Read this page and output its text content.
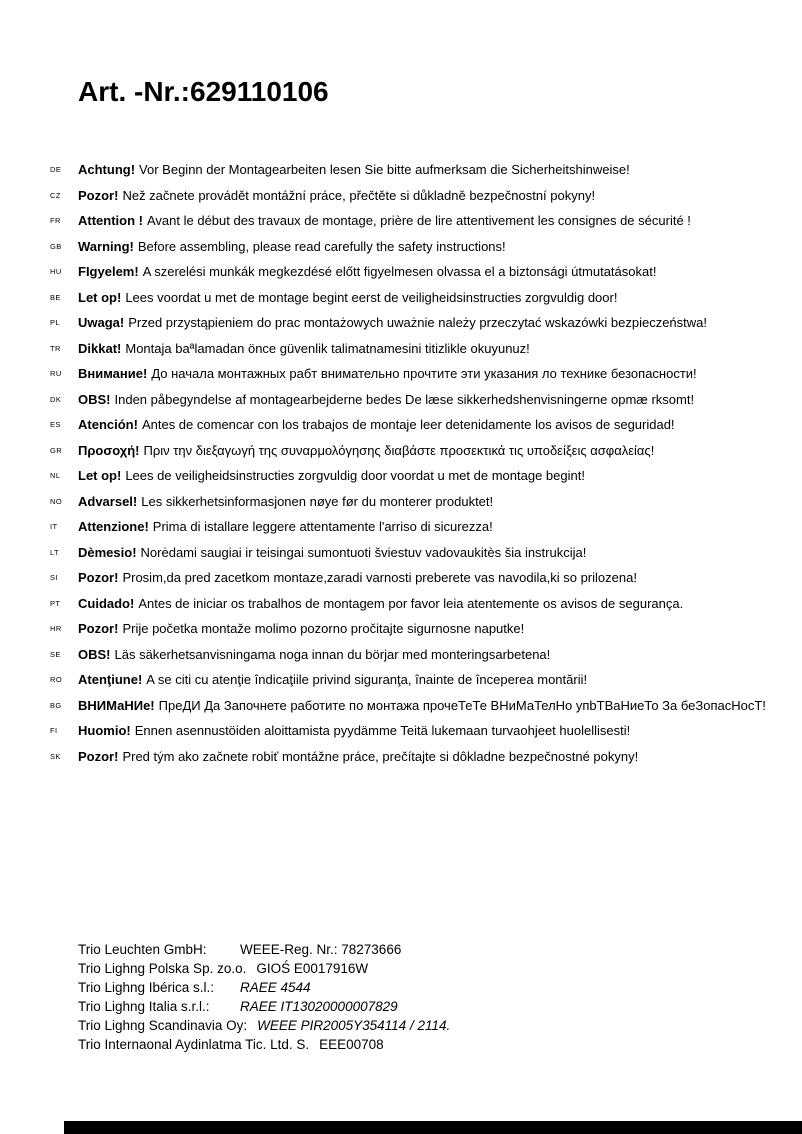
Art. -Nr.:629110106
DE	Achtung! Vor Beginn der Montagearbeiten lesen Sie bitte aufmerksam die Sicherheitshinweise!
CZ	Pozor! Než začnete provádět montážní práce, přečtěte si důkladně bezpečnostní pokyny!
FR	Attention ! Avant le début des travaux de montage, prière de lire attentivement les consignes de sécurité !
GB	Warning! Before assembling, please read carefully the safety instructions!
HU	FIgyelem! A szerelési munkák megkezdésé előtt figyelmesen olvassa el a biztonsági útmutatásokat!
BE	Let op! Lees voordat u met de montage begint eerst de veiligheidsinstructies zorgvuldig door!
PL	Uwaga! Przed przystąpieniem do prac montażowych uważnie należy przeczytać wskazówki bezpieczeństwa!
TR	Dikkat! Montaja baªlamadan önce güvenlik talimatnamesini titizlikle okuyunuz!
RU	Внимание! До начала монтажных рабт внимательно прочтите эти указания ло технике безопасности!
DK	OBS! Inden påbegyndelse af montagearbejderne bedes De læse sikkerhedshenvisningerne opmæ rksomt!
ES	Atención! Antes de comencar con los trabajos de montaje leer detenidamente los avisos de seguridad!
GR	Προσοχή! Πριν την διεξαγωγή της συναρμολόγησης διαβάστε προσεκτικά τις υποδείξεις ασφαλείας!
NL	Let op! Lees de veiligheidsinstructies zorgvuldig door voordat u met de montage begint!
NO	Advarsel! Les sikkerhetsinformasjonen nøye før du monterer produktet!
IT	Attenzione! Prima di istallare leggere attentamente l'arriso di sicurezza!
LT	Dèmesio! Norėdami saugiai ir teisingai sumontuoti šviestuv vadovaukitès šia instrukcija!
SI	Pozor! Prosim,da pred zacetkom montaze,zaradi varnosti preberete vas navodila,ki so prilozena!
PT	Cuidado! Antes de iniciar os trabalhos de montagem por favor leia atentemente os avisos de segurança.
HR	Pozor! Prije početka montaže molimo pozorno pročitajte sigurnosne naputke!
SE	OBS! Läs säkerhetsanvisningama noga innan du börjar med monteringsarbetena!
RO	Atenţiune! A se citi cu atenţie îndicaţiile privind siguranţa, înainte de începerea montării!
BG	ВНИМаНИе! ПреДИ Да Започнете работите по монтажа прочеТеТе ВНиМаТелНо упbТВаНиеТо За беЗопасНосТ!
FI	Huomio! Ennen asennustöiden aloittamista pyydämme Teitä lukemaan turvaohjeet huolellisesti!
SK	Pozor! Pred tým ako začnete robiť montážne práce, prečítajte si dôkladne bezpečnostné pokyny!
Trio Leuchten GmbH:	WEEE-Reg. Nr.: 78273666
Trio Lighng Polska Sp. zo.o. GIOŚ E0017916W
Trio Lighng Ibérica s.l.:	RAEE 4544
Trio Lighng Italia s.r.l.:	RAEE IT13020000007829
Trio Lighng Scandinavia Oy: WEEE PIR2005Y354114 / 2114.
Trio Internaonal Aydinlatma Tic. Ltd. S. EEE00708
